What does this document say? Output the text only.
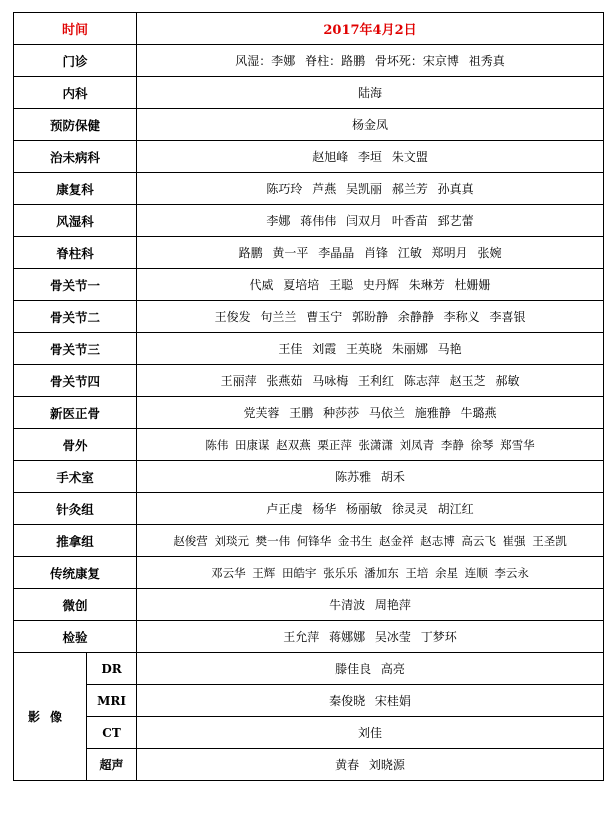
时间		2017年4月2日
门诊		风湿：李娜 脊柱：路鹏 骨坏死：宋京博 祖秀真
内科		陆海
预防保健		杨金凤
治未病科		赵旭峰 李垣 朱文盟
康复科		陈巧玲 芦燕 吴凯丽 郝兰芳 孙真真
风湿科		李娜 蒋伟伟 闫双月 叶香苗 郅艺蕾
脊柱科		路鹏 黄一平 李晶晶 肖锋 江敏 郑明月 张婉
骨关节一		代威 夏培培 王聪 史丹辉 朱琳芳 杜姗姗
骨关节二		王俊发 句兰兰 曹玉宁 郭盼静 余静静 李称义 李喜银
骨关节三		王佳 刘霞 王英晓 朱丽娜 马艳
骨关节四		王丽萍 张燕茹 马咏梅 王利红 陈志萍 赵玉芝 郝敏
新医正骨		党芙蓉 王鹏 种莎莎 马依兰 施雅静 牛璐燕
骨外		陈伟 田康谋 赵双燕 栗正萍 张潇潇 刘凤青 李静 徐琴 郑雪华
手术室		陈苏雅 胡禾
针灸组		卢正虔 杨华 杨丽敏 徐灵灵 胡江红
推拿组		赵俊营 刘琰元 樊一伟 何锋华 金书生 赵金祥 赵志博 高云飞 崔强 王圣凯
传统康复		邓云华 王辉 田皓宇 张乐乐 潘加东 王培 余星 连顺 李云永
微创		牛清波 周艳萍
检验		王允萍 蒋娜娜 吴冰莹 丁梦环
影像	DR	滕佳良 高亮
	MRI	秦俊晓 宋桂娟
	CT	刘佳
	超声	黄春 刘晓源
